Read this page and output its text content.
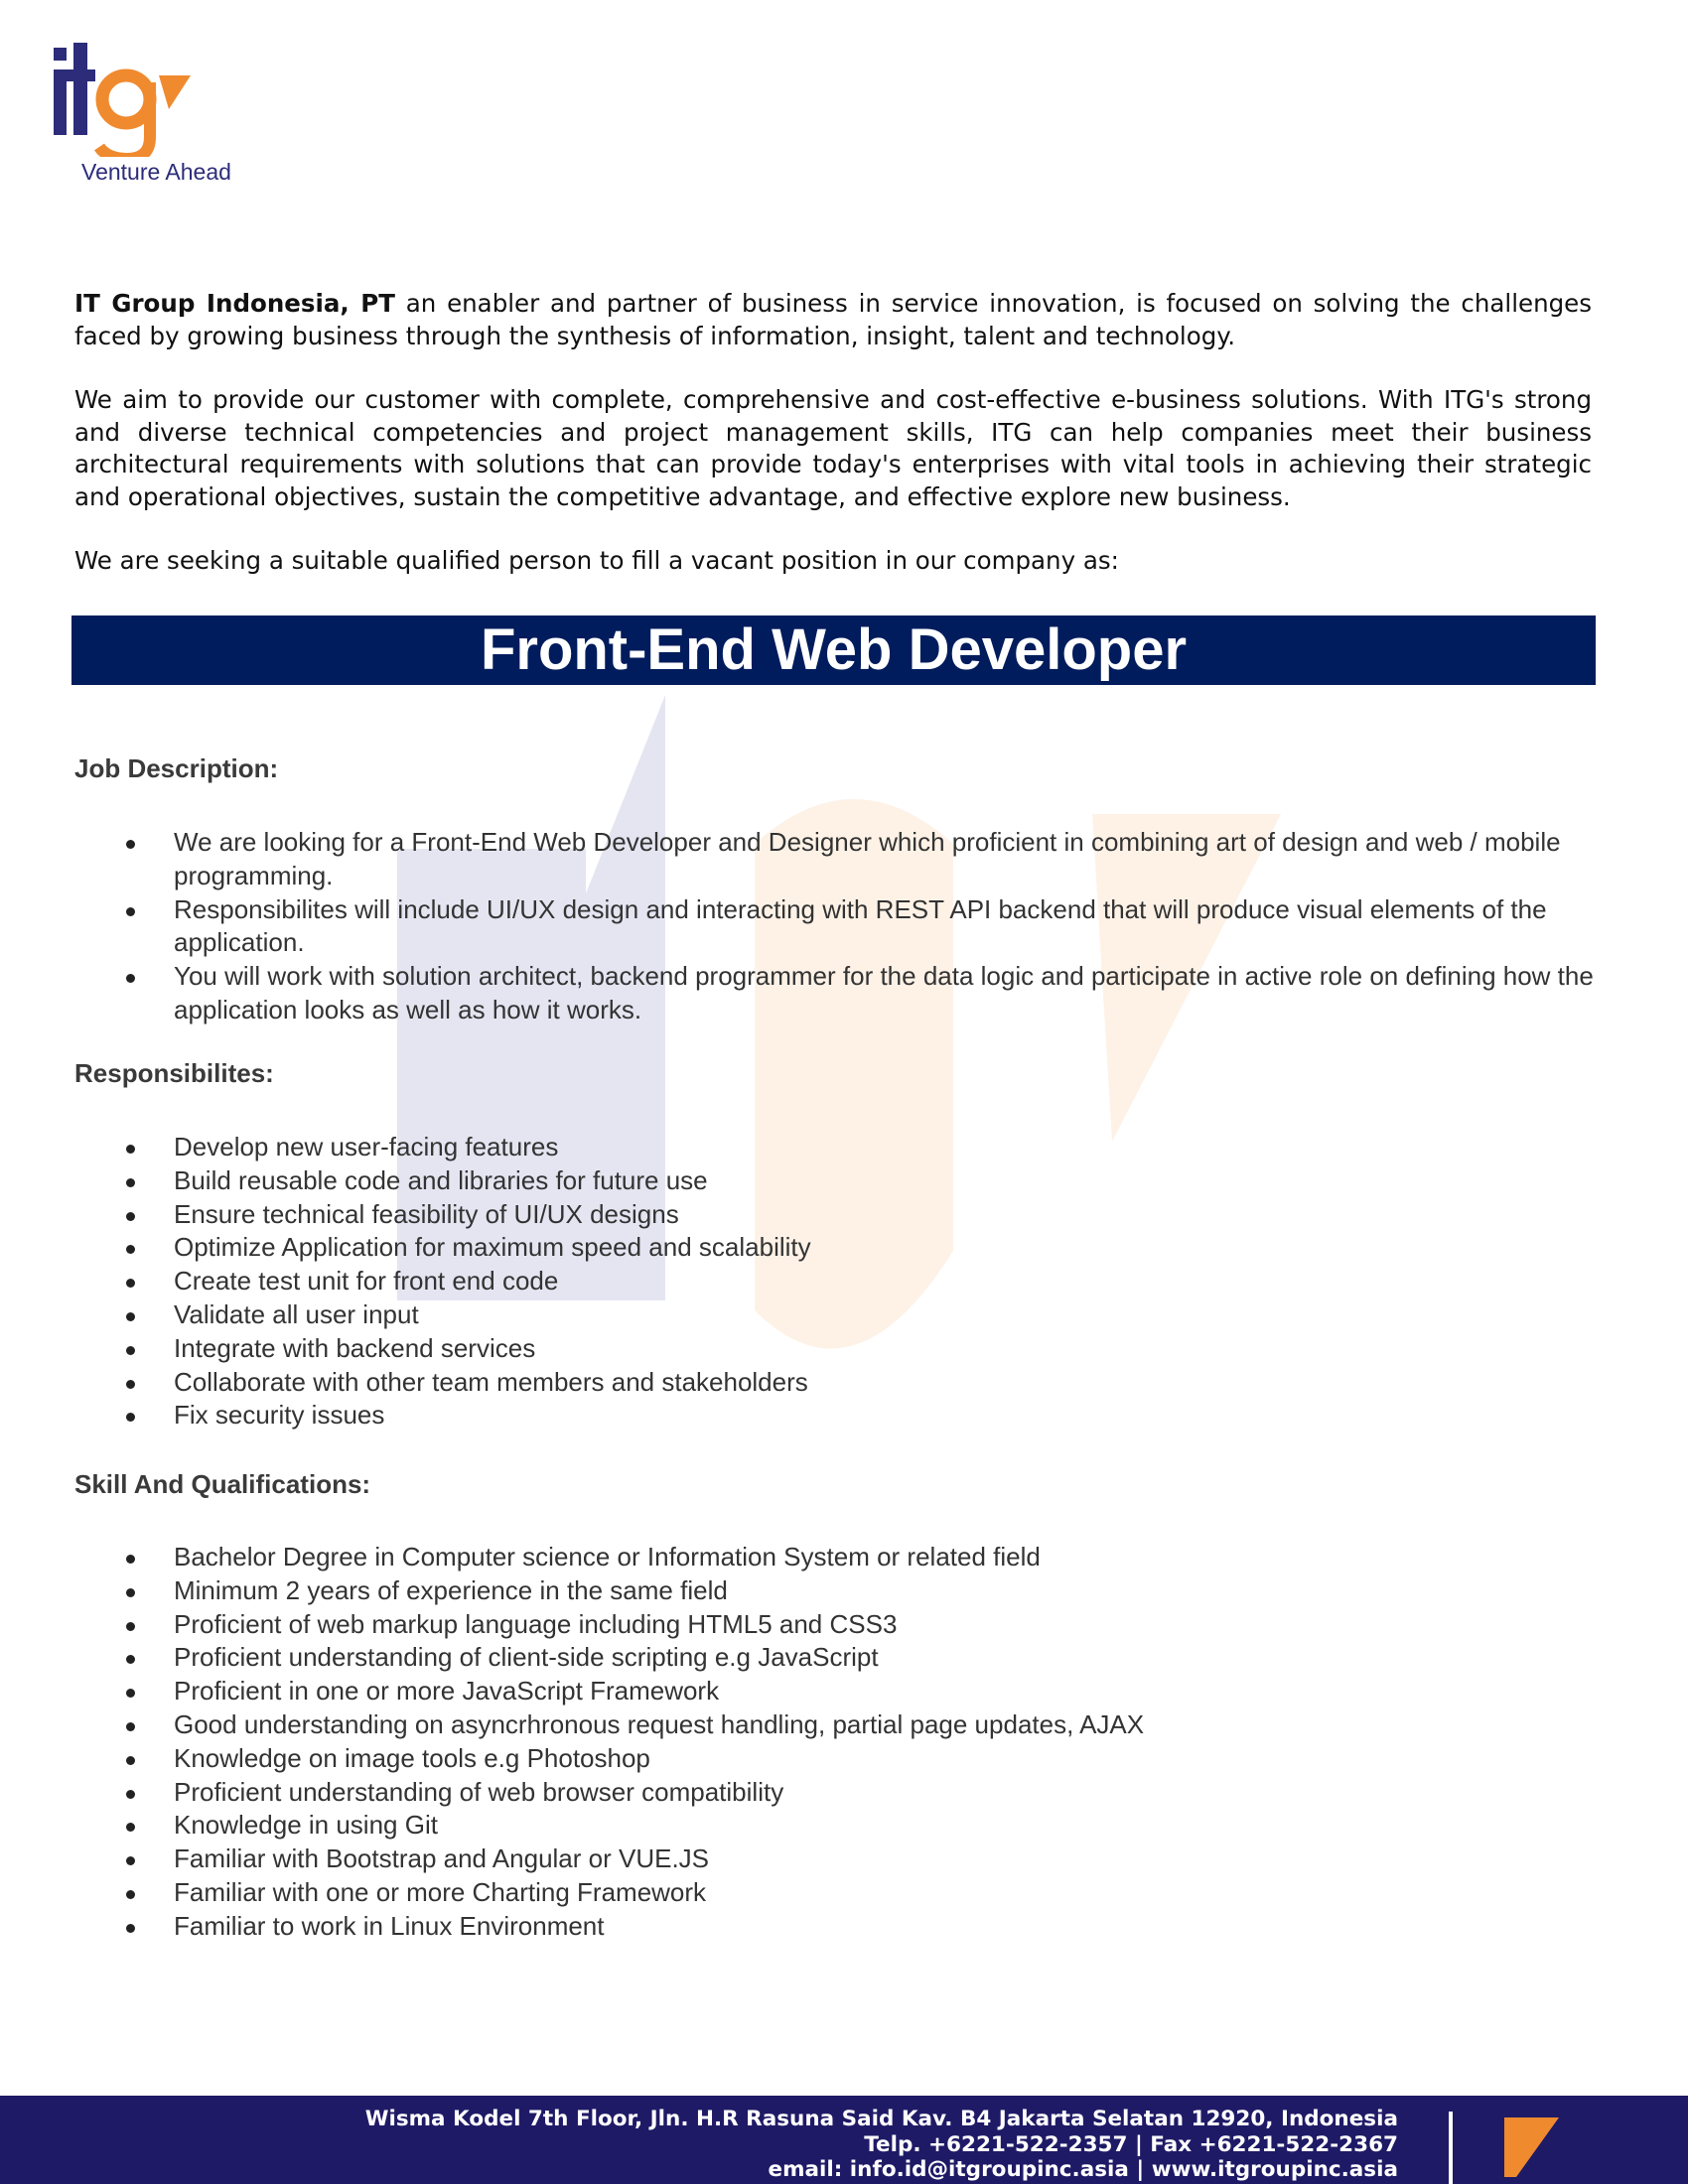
Venture Ahead

IT Group Indonesia, PT an enabler and partner of business in service innovation, is focused on solving the challenges faced by growing business through the synthesis of information, insight, talent and technology.

We aim to provide our customer with complete, comprehensive and cost-effective e-business solutions. With ITG's strong and diverse technical competencies and project management skills, ITG can help companies meet their business architectural requirements with solutions that can provide today's enterprises with vital tools in achieving their strategic and operational objectives, sustain the competitive advantage, and effective explore new business.

We are seeking a suitable qualified person to fill a vacant position in our company as:

Front-End Web Developer
Job Description:
We are looking for a Front-End Web Developer and Designer which proficient in combining art of design and web / mobile programming.
Responsibilites will include UI/UX design and interacting with REST API backend that will produce visual elements of the application.
You will work with solution architect, backend programmer for the data logic and participate in active role on defining how the application looks as well as how it works.
Responsibilites:
Develop new user-facing features
Build reusable code and libraries for future use
Ensure technical feasibility of UI/UX designs
Optimize Application for maximum speed and scalability
Create test unit for front end code
Validate all user input
Integrate with backend services
Collaborate with other team members and stakeholders
Fix security issues
Skill And Qualifications:
Bachelor Degree in Computer science or Information System or related field
Minimum 2 years of experience in the same field
Proficient of web markup language including HTML5 and CSS3
Proficient understanding of client-side scripting e.g JavaScript
Proficient in one or more JavaScript Framework
Good understanding on asyncrhronous request handling, partial page updates, AJAX
Knowledge on image tools e.g Photoshop
Proficient understanding of web browser compatibility
Knowledge in using Git
Familiar with Bootstrap and Angular or VUE.JS
Familiar with one or more Charting Framework
Familiar to work in Linux Environment
Wisma Kodel 7th Floor, Jln. H.R Rasuna Said Kav. B4 Jakarta Selatan 12920, Indonesia
Telp. +6221-522-2357 | Fax +6221-522-2367
email: info.id@itgroupinc.asia | www.itgroupinc.asia
